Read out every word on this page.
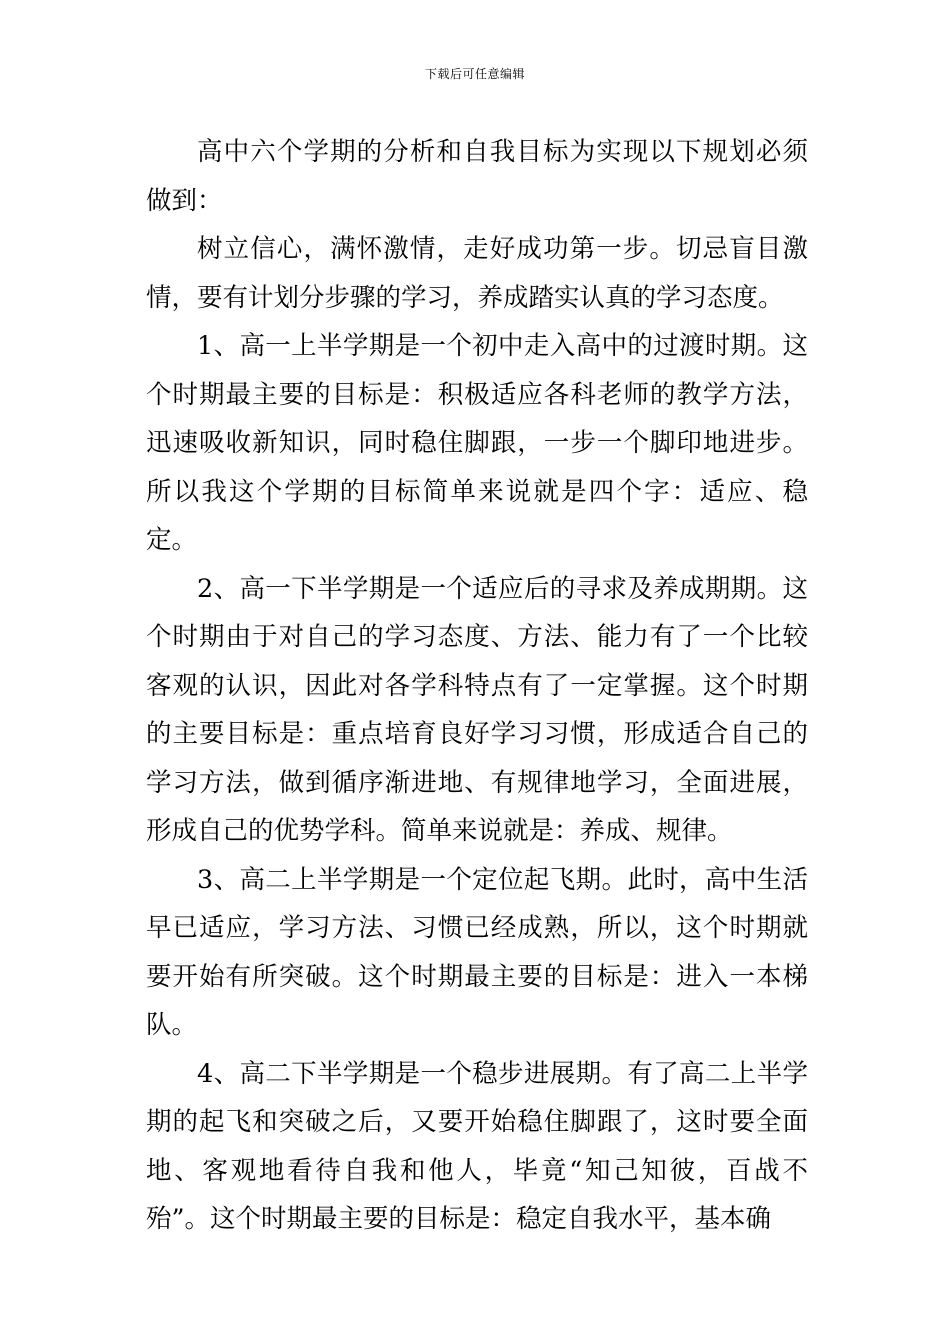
下载后可任意编辑

高中六个学期的分析和自我目标为实现以下规划必须做到：

树立信心，满怀激情，走好成功第一步。切忌盲目激情，要有计划分步骤的学习，养成踏实认真的学习态度。

1、高一上半学期是一个初中走入高中的过渡时期。这个时期最主要的目标是：积极适应各科老师的教学方法，迅速吸收新知识，同时稳住脚跟，一步一个脚印地进步。所以我这个学期的目标简单来说就是四个字：适应、稳定。

2、高一下半学期是一个适应后的寻求及养成期期。这个时期由于对自己的学习态度、方法、能力有了一个比较客观的认识，因此对各学科特点有了一定掌握。这个时期的主要目标是：重点培育良好学习习惯，形成适合自己的学习方法，做到循序渐进地、有规律地学习，全面进展，形成自己的优势学科。简单来说就是：养成、规律。

3、高二上半学期是一个定位起飞期。此时，高中生活早已适应，学习方法、习惯已经成熟，所以，这个时期就要开始有所突破。这个时期最主要的目标是：进入一本梯队。

4、高二下半学期是一个稳步进展期。有了高二上半学期的起飞和突破之后，又要开始稳住脚跟了，这时要全面地、客观地看待自我和他人，毕竟“知己知彼，百战不殆”。这个时期最主要的目标是：稳定自我水平，基本确
